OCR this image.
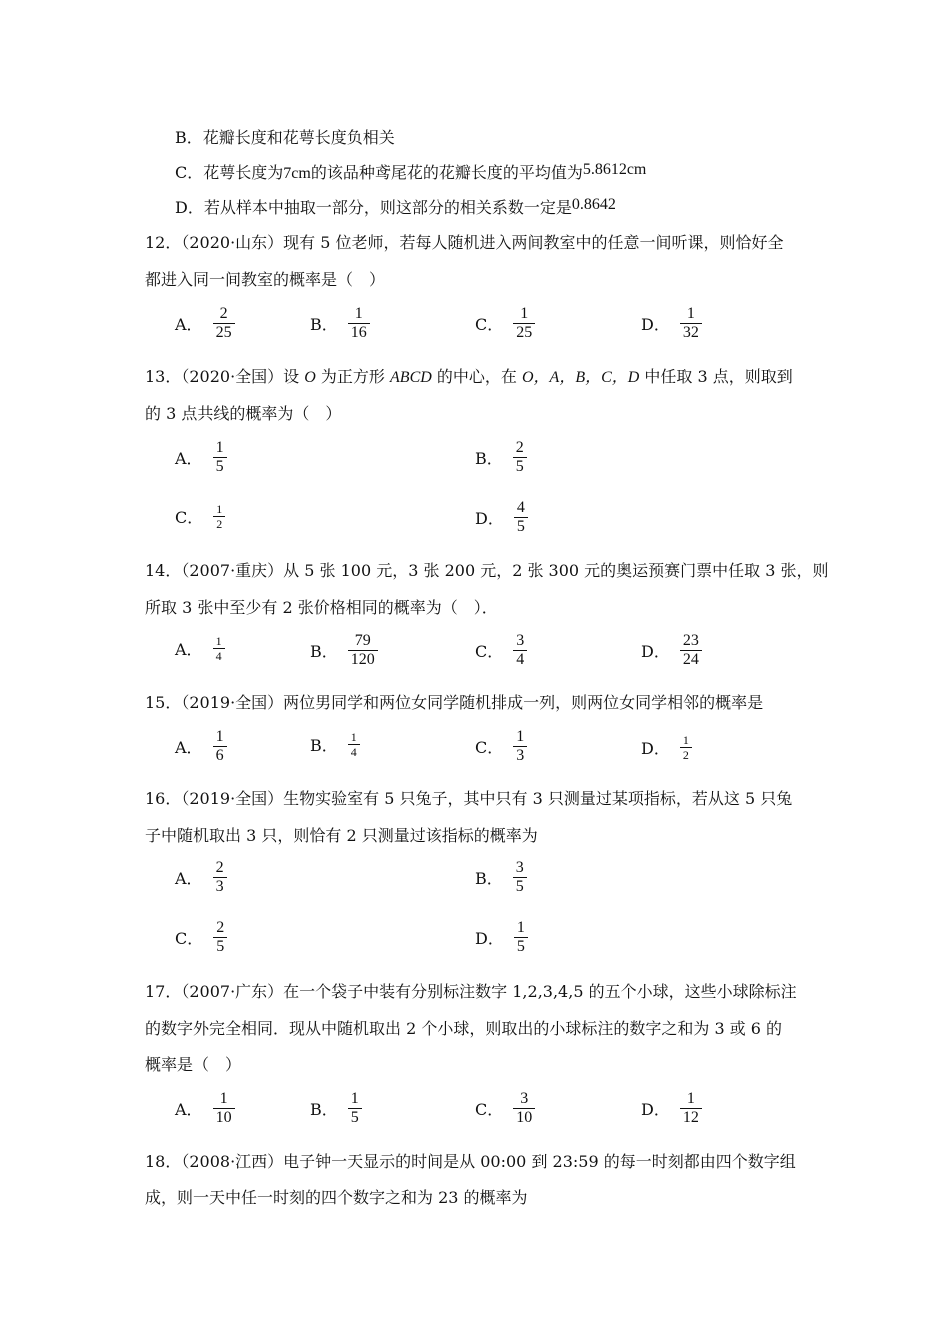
B．花瓣长度和花萼长度负相关
C．花萼长度为7cm的该品种鸢尾花的花瓣长度的平均值为5.8612cm
D．若从样本中抽取一部分，则这部分的相关系数一定是0.8642
12．（2020·山东）现有 5 位老师，若每人随机进入两间教室中的任意一间听课，则恰好全
都进入同一间教室的概率是（　）
A． $\frac{2}{25}$	B． $\frac{1}{16}$	C． $\frac{1}{25}$	D． $\frac{1}{32}$
13．（2020·全国）设 O 为正方形 ABCD 的中心，在 O，A，B，C，D 中任取 3 点，则取到
的 3 点共线的概率为（　）
A． $\frac{1}{5}$	B． $\frac{2}{5}$
C． $\frac{1}{2}$	D． $\frac{4}{5}$
14．（2007·重庆）从 5 张 100 元，3 张 200 元，2 张 300 元的奥运预赛门票中任取 3 张，则
所取 3 张中至少有 2 张价格相同的概率为（　）．
A． $\frac{1}{4}$	B． $\frac{79}{120}$	C． $\frac{3}{4}$	D． $\frac{23}{24}$
15．（2019·全国）两位男同学和两位女同学随机排成一列，则两位女同学相邻的概率是
A． $\frac{1}{6}$	B． $\frac{1}{4}$	C． $\frac{1}{3}$	D． $\frac{1}{2}$
16．（2019·全国）生物实验室有 5 只兔子，其中只有 3 只测量过某项指标，若从这 5 只兔
子中随机取出 3 只，则恰有 2 只测量过该指标的概率为
A． $\frac{2}{3}$	B． $\frac{3}{5}$
C． $\frac{2}{5}$	D． $\frac{1}{5}$
17．（2007·广东）在一个袋子中装有分别标注数字 1,2,3,4,5 的五个小球，这些小球除标注
的数字外完全相同．现从中随机取出 2 个小球，则取出的小球标注的数字之和为 3 或 6 的
概率是（　）
A． $\frac{1}{10}$	B． $\frac{1}{5}$	C． $\frac{3}{10}$	D． $\frac{1}{12}$
18．（2008·江西）电子钟一天显示的时间是从 00:00 到 23:59 的每一时刻都由四个数字组
成，则一天中任一时刻的四个数字之和为 23 的概率为
